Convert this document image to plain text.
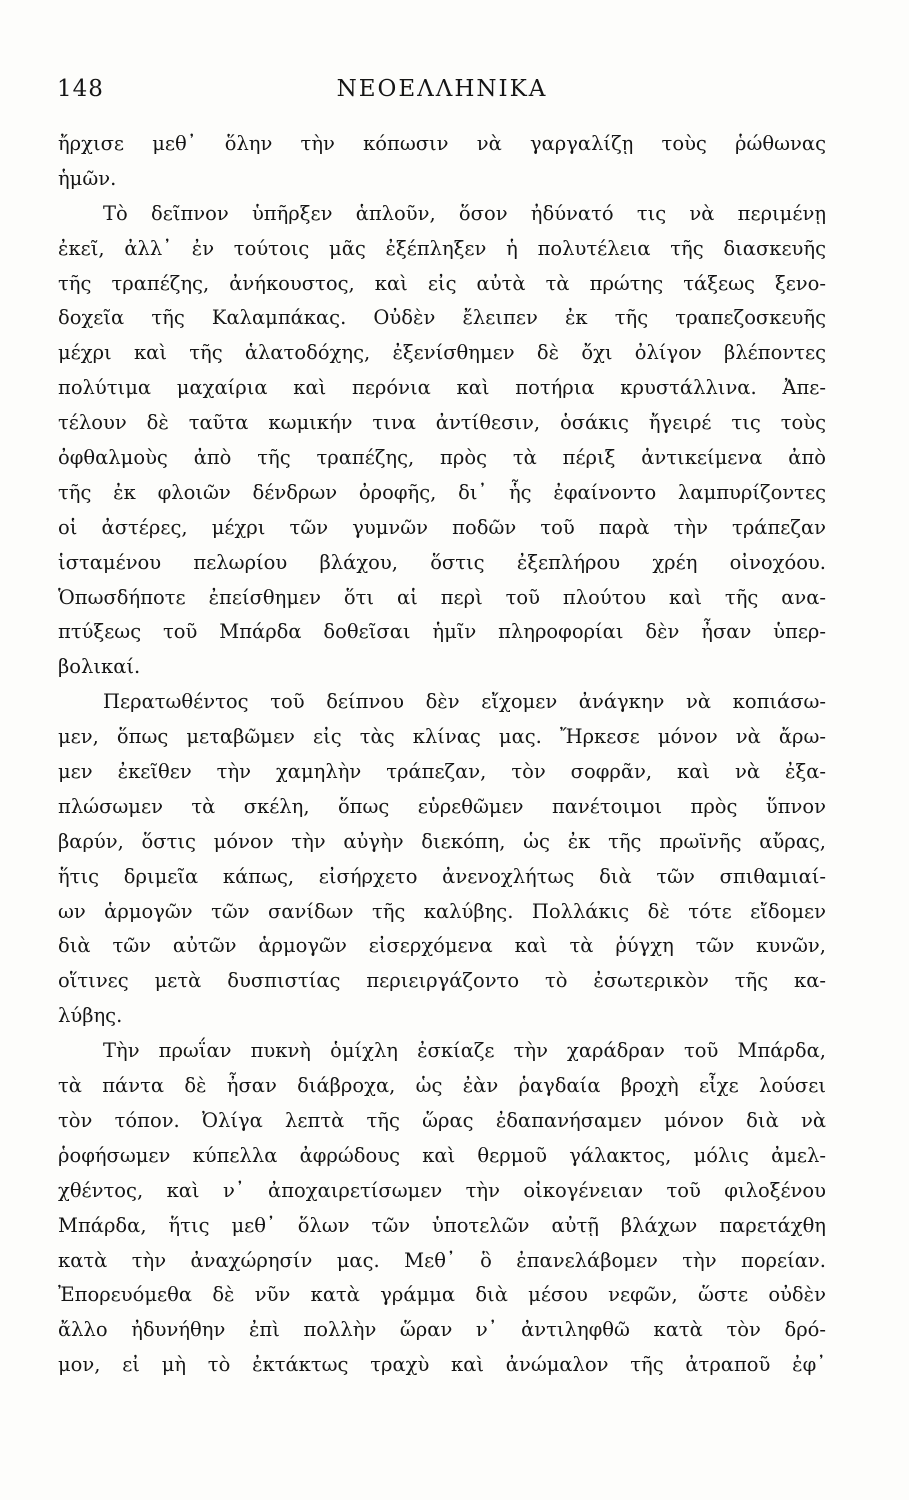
148	ΝΕΟΕΛΛΗΝΙΚΑ
ἤρχισε μεθ᾽ ὅλην τὴν κόπωσιν νὰ γαργαλίζῃ τοὺς ῥώθωνας
ἡμῶν.
Τὸ δεῖπνον ὑπῆρξεν ἁπλοῦν, ὅσον ἠδύνατό τις νὰ περιμένῃ
ἐκεῖ, ἀλλ᾽ ἐν τούτοις μᾶς ἐξέπληξεν ἡ πολυτέλεια τῆς διασκευῆς
τῆς τραπέζης, ἀνήκουστος, καὶ εἰς αὐτὰ τὰ πρώτης τάξεως ξενο-
δοχεῖα τῆς Καλαμπάκας. Οὐδὲν ἔλειπεν ἐκ τῆς τραπεζοσκευῆς
μέχρι καὶ τῆς ἁλατοδόχης, ἐξενίσθημεν δὲ ὄχι ὀλίγον βλέποντες
πολύτιμα μαχαίρια καὶ περόνια καὶ ποτήρια κρυστάλλινα. Ἀπε-
τέλουν δὲ ταῦτα κωμικήν τινα ἀντίθεσιν, ὁσάκις ἤγειρέ τις τοὺς
ὀφθαλμοὺς ἀπὸ τῆς τραπέζης, πρὸς τὰ πέριξ ἀντικείμενα ἀπὸ
τῆς ἐκ φλοιῶν δένδρων ὀροφῆς, δι᾽ ἧς ἐφαίνοντο λαμπυρίζοντες
οἱ ἀστέρες, μέχρι τῶν γυμνῶν ποδῶν τοῦ παρὰ τὴν τράπεζαν
ἱσταμένου πελωρίου βλάχου, ὅστις ἐξεπλήρου χρέη οἰνοχόου.
Ὁπωσδήποτε ἐπείσθημεν ὅτι αἱ περὶ τοῦ πλούτου καὶ τῆς ανα-
πτύξεως τοῦ Μπάρδα δοθεῖσαι ἡμῖν πληροφορίαι δὲν ἦσαν ὑπερ-
βολικαί.
Περατωθέντος τοῦ δείπνου δὲν εἴχομεν ἀνάγκην νὰ κοπιάσω-
μεν, ὅπως μεταβῶμεν εἰς τὰς κλίνας μας. Ἤρκεσε μόνον νὰ ἄρω-
μεν ἐκεῖθεν τὴν χαμηλὴν τράπεζαν, τὸν σοφρᾶν, καὶ νὰ ἐξα-
πλώσωμεν τὰ σκέλη, ὅπως εὑρεθῶμεν πανέτοιμοι πρὸς ὕπνον
βαρύν, ὅστις μόνον τὴν αὐγὴν διεκόπη, ὡς ἐκ τῆς πρωϊνῆς αὔρας,
ἥτις δριμεῖα κάπως, εἰσήρχετο ἀνενοχλήτως διὰ τῶν σπιθαμιαί-
ων ἁρμογῶν τῶν σανίδων τῆς καλύβης. Πολλάκις δὲ τότε εἴδομεν
διὰ τῶν αὐτῶν ἁρμογῶν εἰσερχόμενα καὶ τὰ ῥύγχη τῶν κυνῶν,
οἵτινες μετὰ δυσπιστίας περιειργάζοντο τὸ ἐσωτερικὸν τῆς κα-
λύβης.
Τὴν πρωΐαν πυκνὴ ὁμίχλη ἐσκίαζε τὴν χαράδραν τοῦ Μπάρδα,
τὰ πάντα δὲ ἦσαν διάβροχα, ὡς ἐὰν ῥαγδαία βροχὴ εἶχε λούσει
τὸν τόπον. Ὀλίγα λεπτὰ τῆς ὥρας ἐδαπανήσαμεν μόνον διὰ νὰ
ῥοφήσωμεν κύπελλα ἀφρώδους καὶ θερμοῦ γάλακτος, μόλις ἀμελ-
χθέντος, καὶ ν᾽ ἀποχαιρετίσωμεν τὴν οἰκογένειαν τοῦ φιλοξένου
Μπάρδα, ἥτις μεθ᾽ ὅλων τῶν ὑποτελῶν αὐτῇ βλάχων παρετάχθη
κατὰ τὴν ἀναχώρησίν μας. Μεθ᾽ ὃ ἐπανελάβομεν τὴν πορείαν.
Ἐπορευόμεθα δὲ νῦν κατὰ γράμμα διὰ μέσου νεφῶν, ὥστε οὐδὲν
ἄλλο ἠδυνήθην ἐπὶ πολλὴν ὥραν ν᾽ ἀντιληφθῶ κατὰ τὸν δρό-
μον, εἰ μὴ τὸ ἐκτάκτως τραχὺ καὶ ἀνώμαλον τῆς ἀτραποῦ ἐφ᾽
